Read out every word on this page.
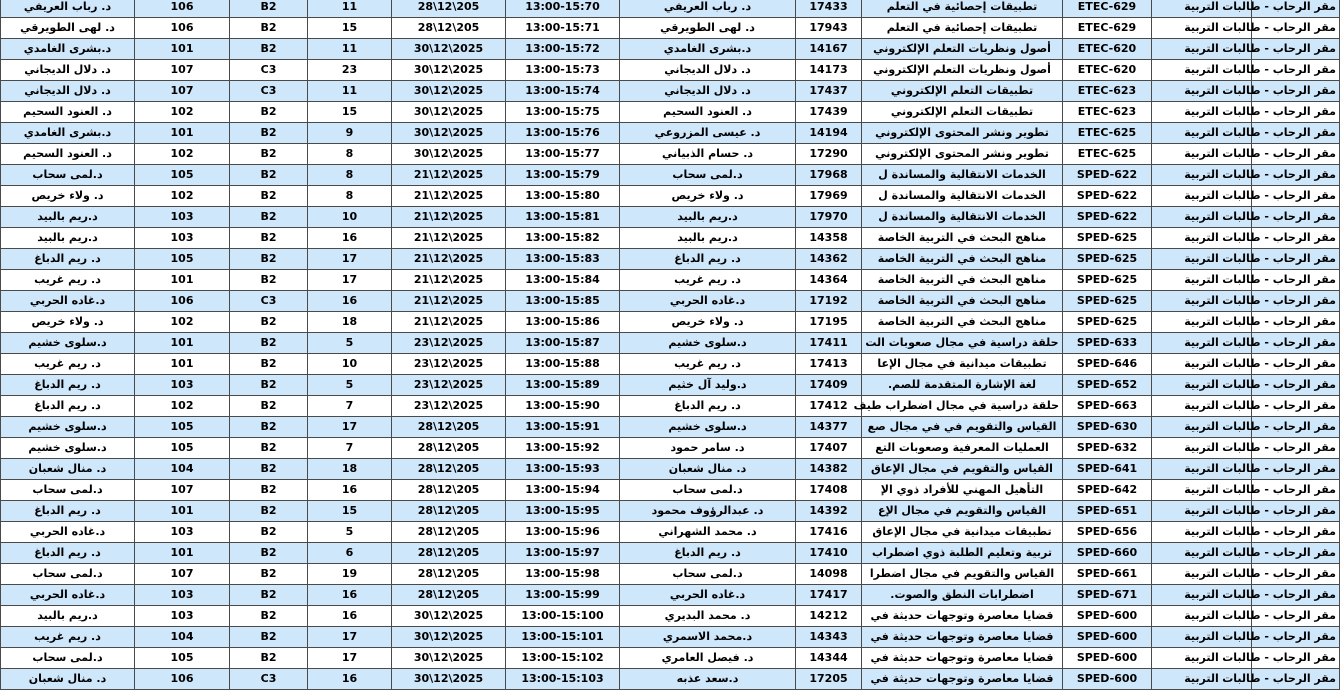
د. رباب العريفي	106	B2	11	28\12\205	13:00-15:70	د. رباب العريفي	17433	تطبيقات إحصائية في التعلم	ETEC-629	التربية	مقر الرحاب - طالبات
د. لهى الطويرقي	106	B2	15	28\12\205	13:00-15:71	د. لهى الطويرقي	17943	تطبيقات إحصائية في التعلم	ETEC-629	التربية	مقر الرحاب - طالبات
د.بشرى الغامدي	101	B2	11	30\12\2025	13:00-15:72	د.بشرى الغامدي	14167	أصول ونظريات التعلم الإلكتروني	ETEC-620	التربية	مقر الرحاب - طالبات
د. دلال الديجاني	107	C3	23	30\12\2025	13:00-15:73	د. دلال الديجاني	14173	أصول ونظريات التعلم الإلكتروني	ETEC-620	التربية	مقر الرحاب - طالبات
د. دلال الديجاني	107	C3	11	30\12\2025	13:00-15:74	د. دلال الديجاني	17437	تطبيقات التعلم الإلكتروني	ETEC-623	التربية	مقر الرحاب - طالبات
د. العنود السحيم	102	B2	15	30\12\2025	13:00-15:75	د. العنود السحيم	17439	تطبيقات التعلم الإلكتروني	ETEC-623	التربية	مقر الرحاب - طالبات
د.بشرى الغامدي	101	B2	9	30\12\2025	13:00-15:76	د. عيسى المزروعي	14194	تطوير ونشر المحتوى الإلكتروني	ETEC-625	التربية	مقر الرحاب - طالبات
د. العنود السحيم	102	B2	8	30\12\2025	13:00-15:77	د. حسام الذبياني	17290	تطوير ونشر المحتوى الإلكتروني	ETEC-625	التربية	مقر الرحاب - طالبات
د.لمى سحاب	105	B2	8	21\12\2025	13:00-15:79	د.لمى سحاب	17968	الخدمات الانتقالية والمساندة ل	SPED-622	التربية	مقر الرحاب - طالبات
د. ولاء خريص	102	B2	8	21\12\2025	13:00-15:80	د. ولاء خريص	17969	الخدمات الانتقالية والمساندة ل	SPED-622	التربية	مقر الرحاب - طالبات
د.ريم بالبيد	103	B2	10	21\12\2025	13:00-15:81	د.ريم بالبيد	17970	الخدمات الانتقالية والمساندة ل	SPED-622	التربية	مقر الرحاب - طالبات
د.ريم بالبيد	103	B2	16	21\12\2025	13:00-15:82	د.ريم بالبيد	14358	مناهج البحث في التربية الخاصة	SPED-625	التربية	مقر الرحاب - طالبات
د. ريم الدباغ	105	B2	17	21\12\2025	13:00-15:83	د. ريم الدباغ	14362	مناهج البحث في التربية الخاصة	SPED-625	التربية	مقر الرحاب - طالبات
د. ريم غريب	101	B2	17	21\12\2025	13:00-15:84	د. ريم غريب	14364	مناهج البحث في التربية الخاصة	SPED-625	التربية	مقر الرحاب - طالبات
د.غاده الحربي	106	C3	16	21\12\2025	13:00-15:85	د.غاده الحربي	17192	مناهج البحث في التربية الخاصة	SPED-625	التربية	مقر الرحاب - طالبات
د. ولاء خريص	102	B2	18	21\12\2025	13:00-15:86	د. ولاء خريص	17195	مناهج البحث في التربية الخاصة	SPED-625	التربية	مقر الرحاب - طالبات
د.سلوى خشيم	101	B2	5	23\12\2025	13:00-15:87	د.سلوى خشيم	17411	حلقة دراسية في مجال صعوبات الت	SPED-633	التربية	مقر الرحاب - طالبات
د. ريم غريب	101	B2	10	23\12\2025	13:00-15:88	د. ريم غريب	17413	تطبيقات ميدانية في مجال الإعا	SPED-646	التربية	مقر الرحاب - طالبات
د. ريم الدباغ	103	B2	5	23\12\2025	13:00-15:89	د.وليد آل خثيم	17409	لغة الإشارة المتقدمة للصم.	SPED-652	التربية	مقر الرحاب - طالبات
د. ريم الدباغ	102	B2	7	23\12\2025	13:00-15:90	د. ريم الدباغ	17412	حلقة دراسية في مجال اضطراب طيف	SPED-663	التربية	مقر الرحاب - طالبات
د.سلوى خشيم	105	B2	17	28\12\205	13:00-15:91	د.سلوى خشيم	14377	القياس والتقويم في في مجال صع	SPED-630	التربية	مقر الرحاب - طالبات
د.سلوى خشيم	105	B2	7	28\12\205	13:00-15:92	د. سامر حمود	17407	العمليات المعرفية وصعوبات التع	SPED-632	التربية	مقر الرحاب - طالبات
د. منال شعبان	104	B2	18	28\12\205	13:00-15:93	د. منال شعبان	14382	القياس والتقويم في مجال الإعاق	SPED-641	التربية	مقر الرحاب - طالبات
د.لمى سحاب	107	B2	16	28\12\205	13:00-15:94	د.لمى سحاب	17408	التأهيل المهني للأفراد ذوي الإ	SPED-642	التربية	مقر الرحاب - طالبات
د. ريم الدباغ	101	B2	15	28\12\205	13:00-15:95	د. عبدالرؤوف محمود	14392	القياس والتقويم في مجال الإع	SPED-651	التربية	مقر الرحاب - طالبات
د.غاده الحربي	103	B2	5	28\12\205	13:00-15:96	د. محمد الشهراني	17416	تطبيقات ميدانية في مجال الإعاق	SPED-656	التربية	مقر الرحاب - طالبات
د. ريم الدباغ	101	B2	6	28\12\205	13:00-15:97	د. ريم الدباغ	17410	تربية وتعليم الطلبة ذوي اضطراب	SPED-660	التربية	مقر الرحاب - طالبات
د.لمى سحاب	107	B2	19	28\12\205	13:00-15:98	د.لمى سحاب	14098	القياس والتقويم في مجال اضطرا	SPED-661	التربية	مقر الرحاب - طالبات
د.غاده الحربي	103	B2	16	28\12\205	13:00-15:99	د.غاده الحربي	17417	اضطرابات النطق والصوت.	SPED-671	التربية	مقر الرحاب - طالبات
د.ريم بالبيد	103	B2	16	30\12\2025	13:00-15:100	د. محمد البديري	14212	قضايا معاصرة وتوجهات حديثة في	SPED-600	التربية	مقر الرحاب - طالبات
د. ريم غريب	104	B2	17	30\12\2025	13:00-15:101	د.محمد الاسمري	14343	قضايا معاصرة وتوجهات حديثة في	SPED-600	التربية	مقر الرحاب - طالبات
د.لمى سحاب	105	B2	17	30\12\2025	13:00-15:102	د. فيصل العامري	14344	قضايا معاصرة وتوجهات حديثة في	SPED-600	التربية	مقر الرحاب - طالبات
د. منال شعبان	106	C3	16	30\12\2025	13:00-15:103	د.سعد عذبه	17205	قضايا معاصرة وتوجهات حديثة في	SPED-600	التربية	مقر الرحاب - طالبات
